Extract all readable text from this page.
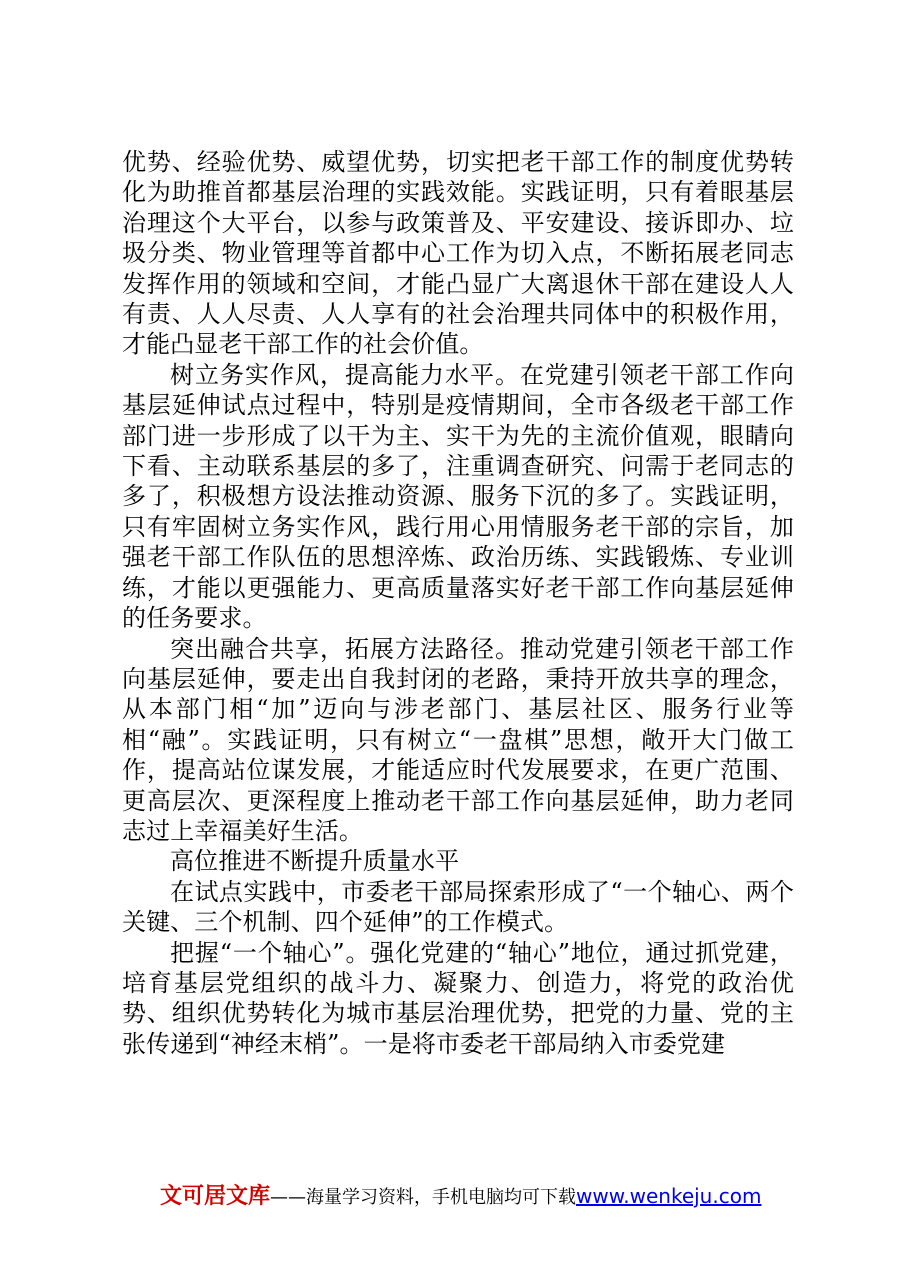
优势、经验优势、威望优势，切实把老干部工作的制度优势转化为助推首都基层治理的实践效能。实践证明，只有着眼基层治理这个大平台，以参与政策普及、平安建设、接诉即办、垃圾分类、物业管理等首都中心工作为切入点，不断拓展老同志发挥作用的领域和空间，才能凸显广大离退休干部在建设人人有责、人人尽责、人人享有的社会治理共同体中的积极作用，才能凸显老干部工作的社会价值。

树立务实作风，提高能力水平。在党建引领老干部工作向基层延伸试点过程中，特别是疫情期间，全市各级老干部工作部门进一步形成了以干为主、实干为先的主流价值观，眼睛向下看、主动联系基层的多了，注重调查研究、问需于老同志的多了，积极想方设法推动资源、服务下沉的多了。实践证明，只有牢固树立务实作风，践行用心用情服务老干部的宗旨，加强老干部工作队伍的思想淬炼、政治历练、实践锻炼、专业训练，才能以更强能力、更高质量落实好老干部工作向基层延伸的任务要求。

突出融合共享，拓展方法路径。推动党建引领老干部工作向基层延伸，要走出自我封闭的老路，秉持开放共享的理念，从本部门相“加”迈向与涉老部门、基层社区、服务行业等相“融”。实践证明，只有树立“一盘棋”思想，敞开大门做工作，提高站位谋发展，才能适应时代发展要求，在更广范围、更高层次、更深程度上推动老干部工作向基层延伸，助力老同志过上幸福美好生活。

高位推进不断提升质量水平

在试点实践中，市委老干部局探索形成了“一个轴心、两个关键、三个机制、四个延伸”的工作模式。

把握“一个轴心”。强化党建的“轴心”地位，通过抓党建，培育基层党组织的战斗力、凝聚力、创造力，将党的政治优势、组织优势转化为城市基层治理优势，把党的力量、党的主张传递到“神经末梢”。一是将市委老干部局纳入市委党建

文可居文库——海量学习资料，手机电脑均可下载www.wenkeju.com
